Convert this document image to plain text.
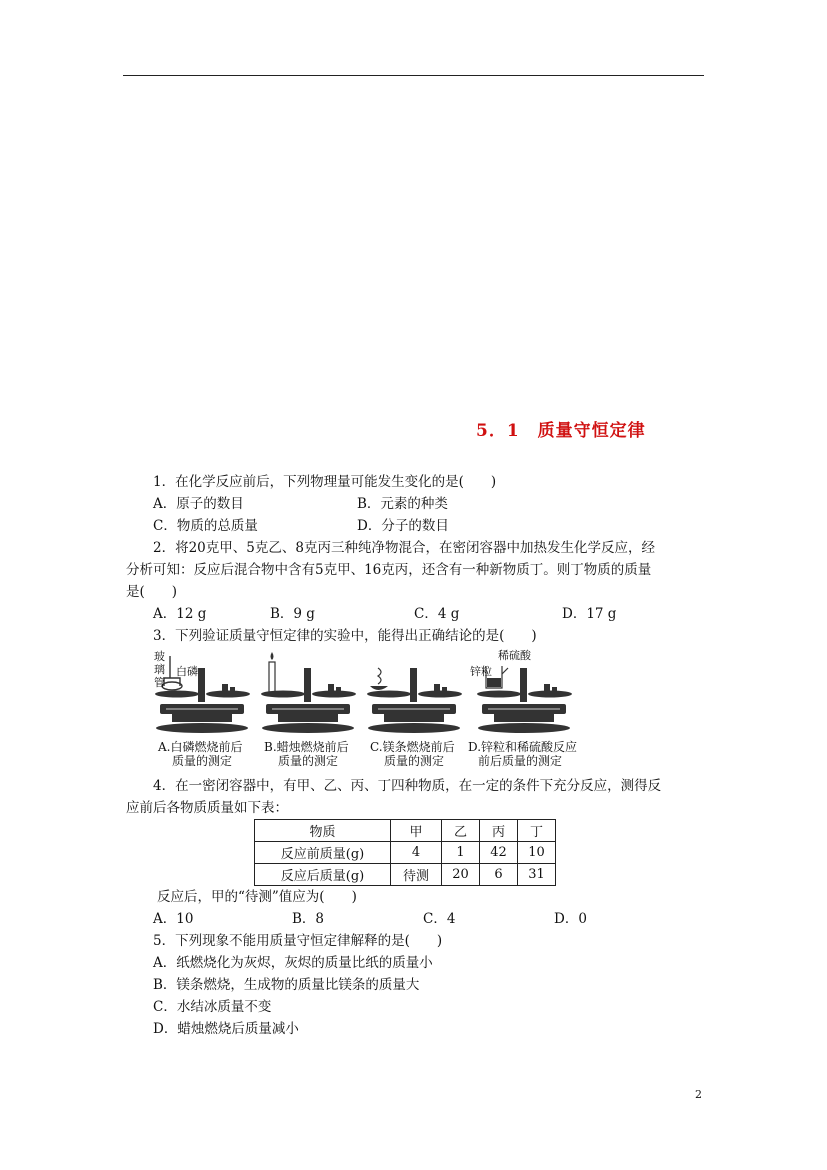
5．1　质量守恒定律
1．在化学反应前后，下列物理量可能发生变化的是(　　)
A．原子的数目	B．元素的种类
C．物质的总质量	D．分子的数目
2．将20克甲、5克乙、8克丙三种纯净物混合，在密闭容器中加热发生化学反应，经
分析可知：反应后混合物中含有5克甲、16克丙，还含有一种新物质丁。则丁物质的质量
是(　　)
A．12 g	B．9 g	C．4 g	D．17 g
3．下列验证质量守恒定律的实验中，能得出正确结论的是(　　)
玻
璃
管
白磷
A.白磷燃烧前后
质量的测定
B.蜡烛燃烧前后
质量的测定
C.镁条燃烧前后
质量的测定
稀硫酸
锌粒
D.锌粒和稀硫酸反应
前后质量的测定
4．在一密闭容器中，有甲、乙、丙、丁四种物质，在一定的条件下充分反应，测得反
应前后各物质质量如下表：
物质	甲	乙	丙	丁
反应前质量(g)	4	1	42	10
反应后质量(g)	待测	20	6	31
反应后，甲的“待测”值应为(　　)
A．10	B．8	C．4	D．0
5．下列现象不能用质量守恒定律解释的是(　　)
A．纸燃烧化为灰烬，灰烬的质量比纸的质量小
B．镁条燃烧，生成物的质量比镁条的质量大
C．水结冰质量不变
D．蜡烛燃烧后质量减小
2
